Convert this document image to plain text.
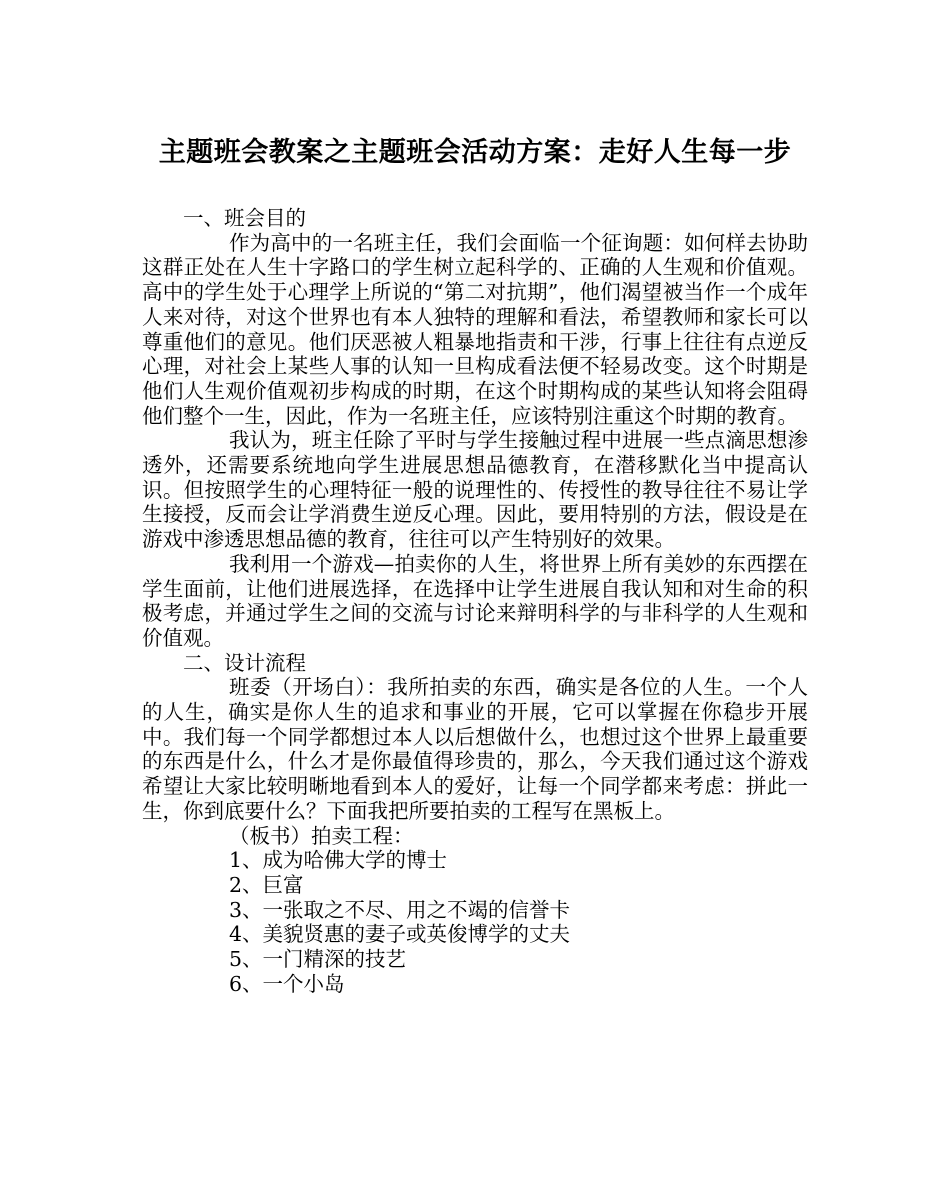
主题班会教案之主题班会活动方案：走好人生每一步

一、班会目的

作为高中的一名班主任，我们会面临一个征询题：如何样去协助这群正处在人生十字路口的学生树立起科学的、正确的人生观和价值观。高中的学生处于心理学上所说的“第二对抗期”，他们渴望被当作一个成年人来对待，对这个世界也有本人独特的理解和看法，希望教师和家长可以尊重他们的意见。他们厌恶被人粗暴地指责和干涉，行事上往往有点逆反心理，对社会上某些人事的认知一旦构成看法便不轻易改变。这个时期是他们人生观价值观初步构成的时期，在这个时期构成的某些认知将会阻碍他们整个一生，因此，作为一名班主任，应该特别注重这个时期的教育。

我认为，班主任除了平时与学生接触过程中进展一些点滴思想渗透外，还需要系统地向学生进展思想品德教育，在潜移默化当中提高认识。但按照学生的心理特征一般的说理性的、传授性的教导往往不易让学生接授，反而会让学消费生逆反心理。因此，要用特别的方法，假设是在游戏中渗透思想品德的教育，往往可以产生特别好的效果。

我利用一个游戏—拍卖你的人生，将世界上所有美妙的东西摆在学生面前，让他们进展选择，在选择中让学生进展自我认知和对生命的积极考虑，并通过学生之间的交流与讨论来辩明科学的与非科学的人生观和价值观。

二、设计流程

班委（开场白）：我所拍卖的东西，确实是各位的人生。一个人的人生，确实是你人生的追求和事业的开展，它可以掌握在你稳步开展中。我们每一个同学都想过本人以后想做什么，也想过这个世界上最重要的东西是什么，什么才是你最值得珍贵的，那么，今天我们通过这个游戏希望让大家比较明晰地看到本人的爱好，让每一个同学都来考虑：拼此一生，你到底要什么？下面我把所要拍卖的工程写在黑板上。

（板书）拍卖工程：

1、成为哈佛大学的博士

2、巨富

3、一张取之不尽、用之不竭的信誉卡

4、美貌贤惠的妻子或英俊博学的丈夫

5、一门精深的技艺

6、一个小岛
